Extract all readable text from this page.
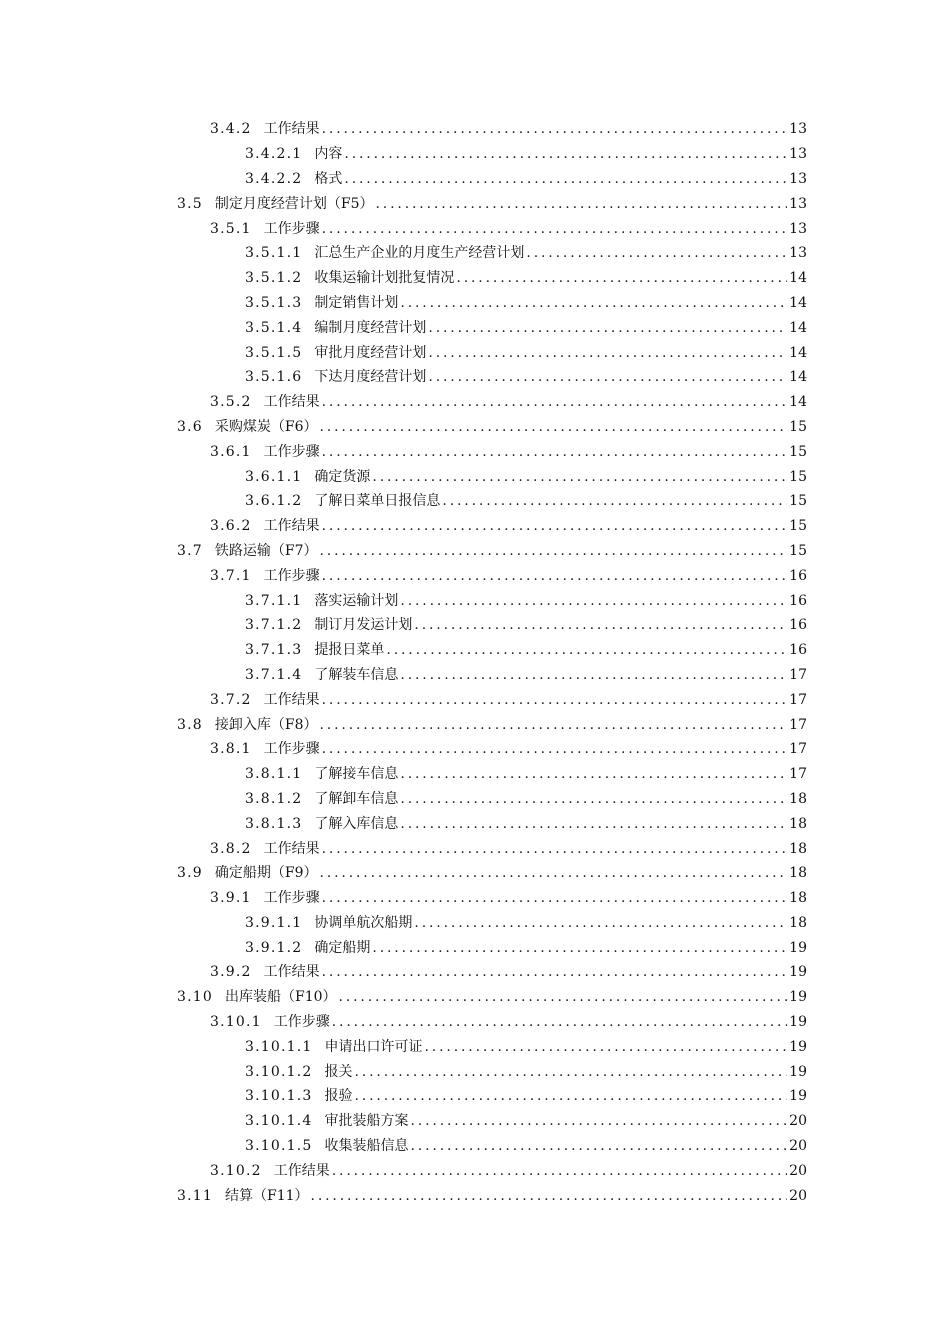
3.4.2 工作结果 . . .	13
3.4.2.1 内容 . . .	13
3.4.2.2 格式 . . .	13
3.5 制定月度经营计划（F5） . . .	13
3.5.1 工作步骤 . . .	13
3.5.1.1 汇总生产企业的月度生产经营计划 . . .	13
3.5.1.2 收集运输计划批复情况 . . .	14
3.5.1.3 制定销售计划 . . .	14
3.5.1.4 编制月度经营计划 . . .	14
3.5.1.5 审批月度经营计划 . . .	14
3.5.1.6 下达月度经营计划 . . .	14
3.5.2 工作结果 . . .	14
3.6 采购煤炭（F6） . . .	15
3.6.1 工作步骤 . . .	15
3.6.1.1 确定货源 . . .	15
3.6.1.2 了解日菜单日报信息 . . .	15
3.6.2 工作结果 . . .	15
3.7 铁路运输（F7） . . .	15
3.7.1 工作步骤 . . .	16
3.7.1.1 落实运输计划 . . .	16
3.7.1.2 制订月发运计划 . . .	16
3.7.1.3 提报日菜单 . . .	16
3.7.1.4 了解装车信息 . . .	17
3.7.2 工作结果 . . .	17
3.8 接卸入库（F8） . . .	17
3.8.1 工作步骤 . . .	17
3.8.1.1 了解接车信息 . . .	17
3.8.1.2 了解卸车信息 . . .	18
3.8.1.3 了解入库信息 . . .	18
3.8.2 工作结果 . . .	18
3.9 确定船期（F9） . . .	18
3.9.1 工作步骤 . . .	18
3.9.1.1 协调单航次船期 . . .	18
3.9.1.2 确定船期 . . .	19
3.9.2 工作结果 . . .	19
3.10 出库装船（F10） . . .	19
3.10.1 工作步骤 . . .	19
3.10.1.1 申请出口许可证 . . .	19
3.10.1.2 报关 . . .	19
3.10.1.3 报验 . . .	19
3.10.1.4 审批装船方案 . . .	20
3.10.1.5 收集装船信息 . . .	20
3.10.2 工作结果 . . .	20
3.11 结算（F11） . . .	20
